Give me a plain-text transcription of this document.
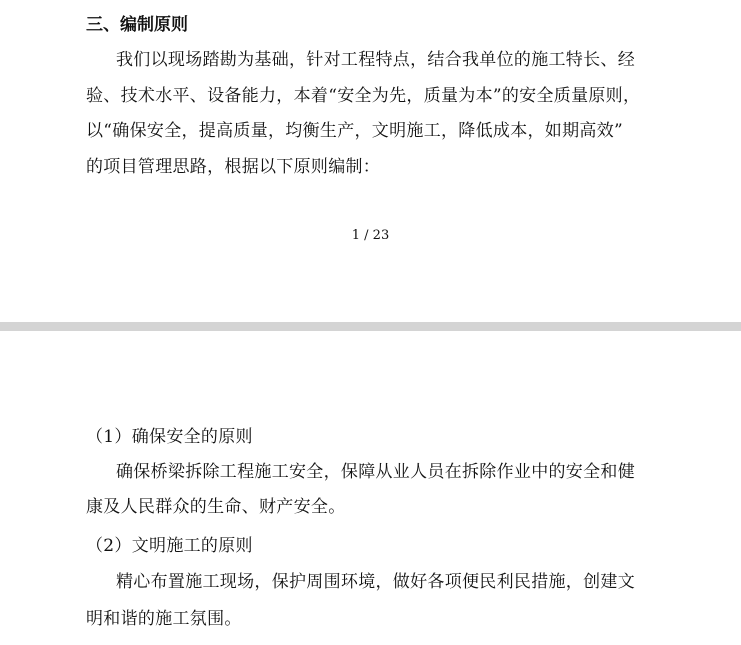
三、编制原则

我们以现场踏勘为基础，针对工程特点，结合我单位的施工特长、经

验、技术水平、设备能力，本着“安全为先，质量为本”的安全质量原则，

以“确保安全，提高质量，均衡生产，文明施工，降低成本，如期高效”

的项目管理思路，根据以下原则编制：

1 / 23

（1）确保安全的原则

确保桥梁拆除工程施工安全，保障从业人员在拆除作业中的安全和健

康及人民群众的生命、财产安全。

（2）文明施工的原则

精心布置施工现场，保护周围环境，做好各项便民利民措施，创建文

明和谐的施工氛围。
